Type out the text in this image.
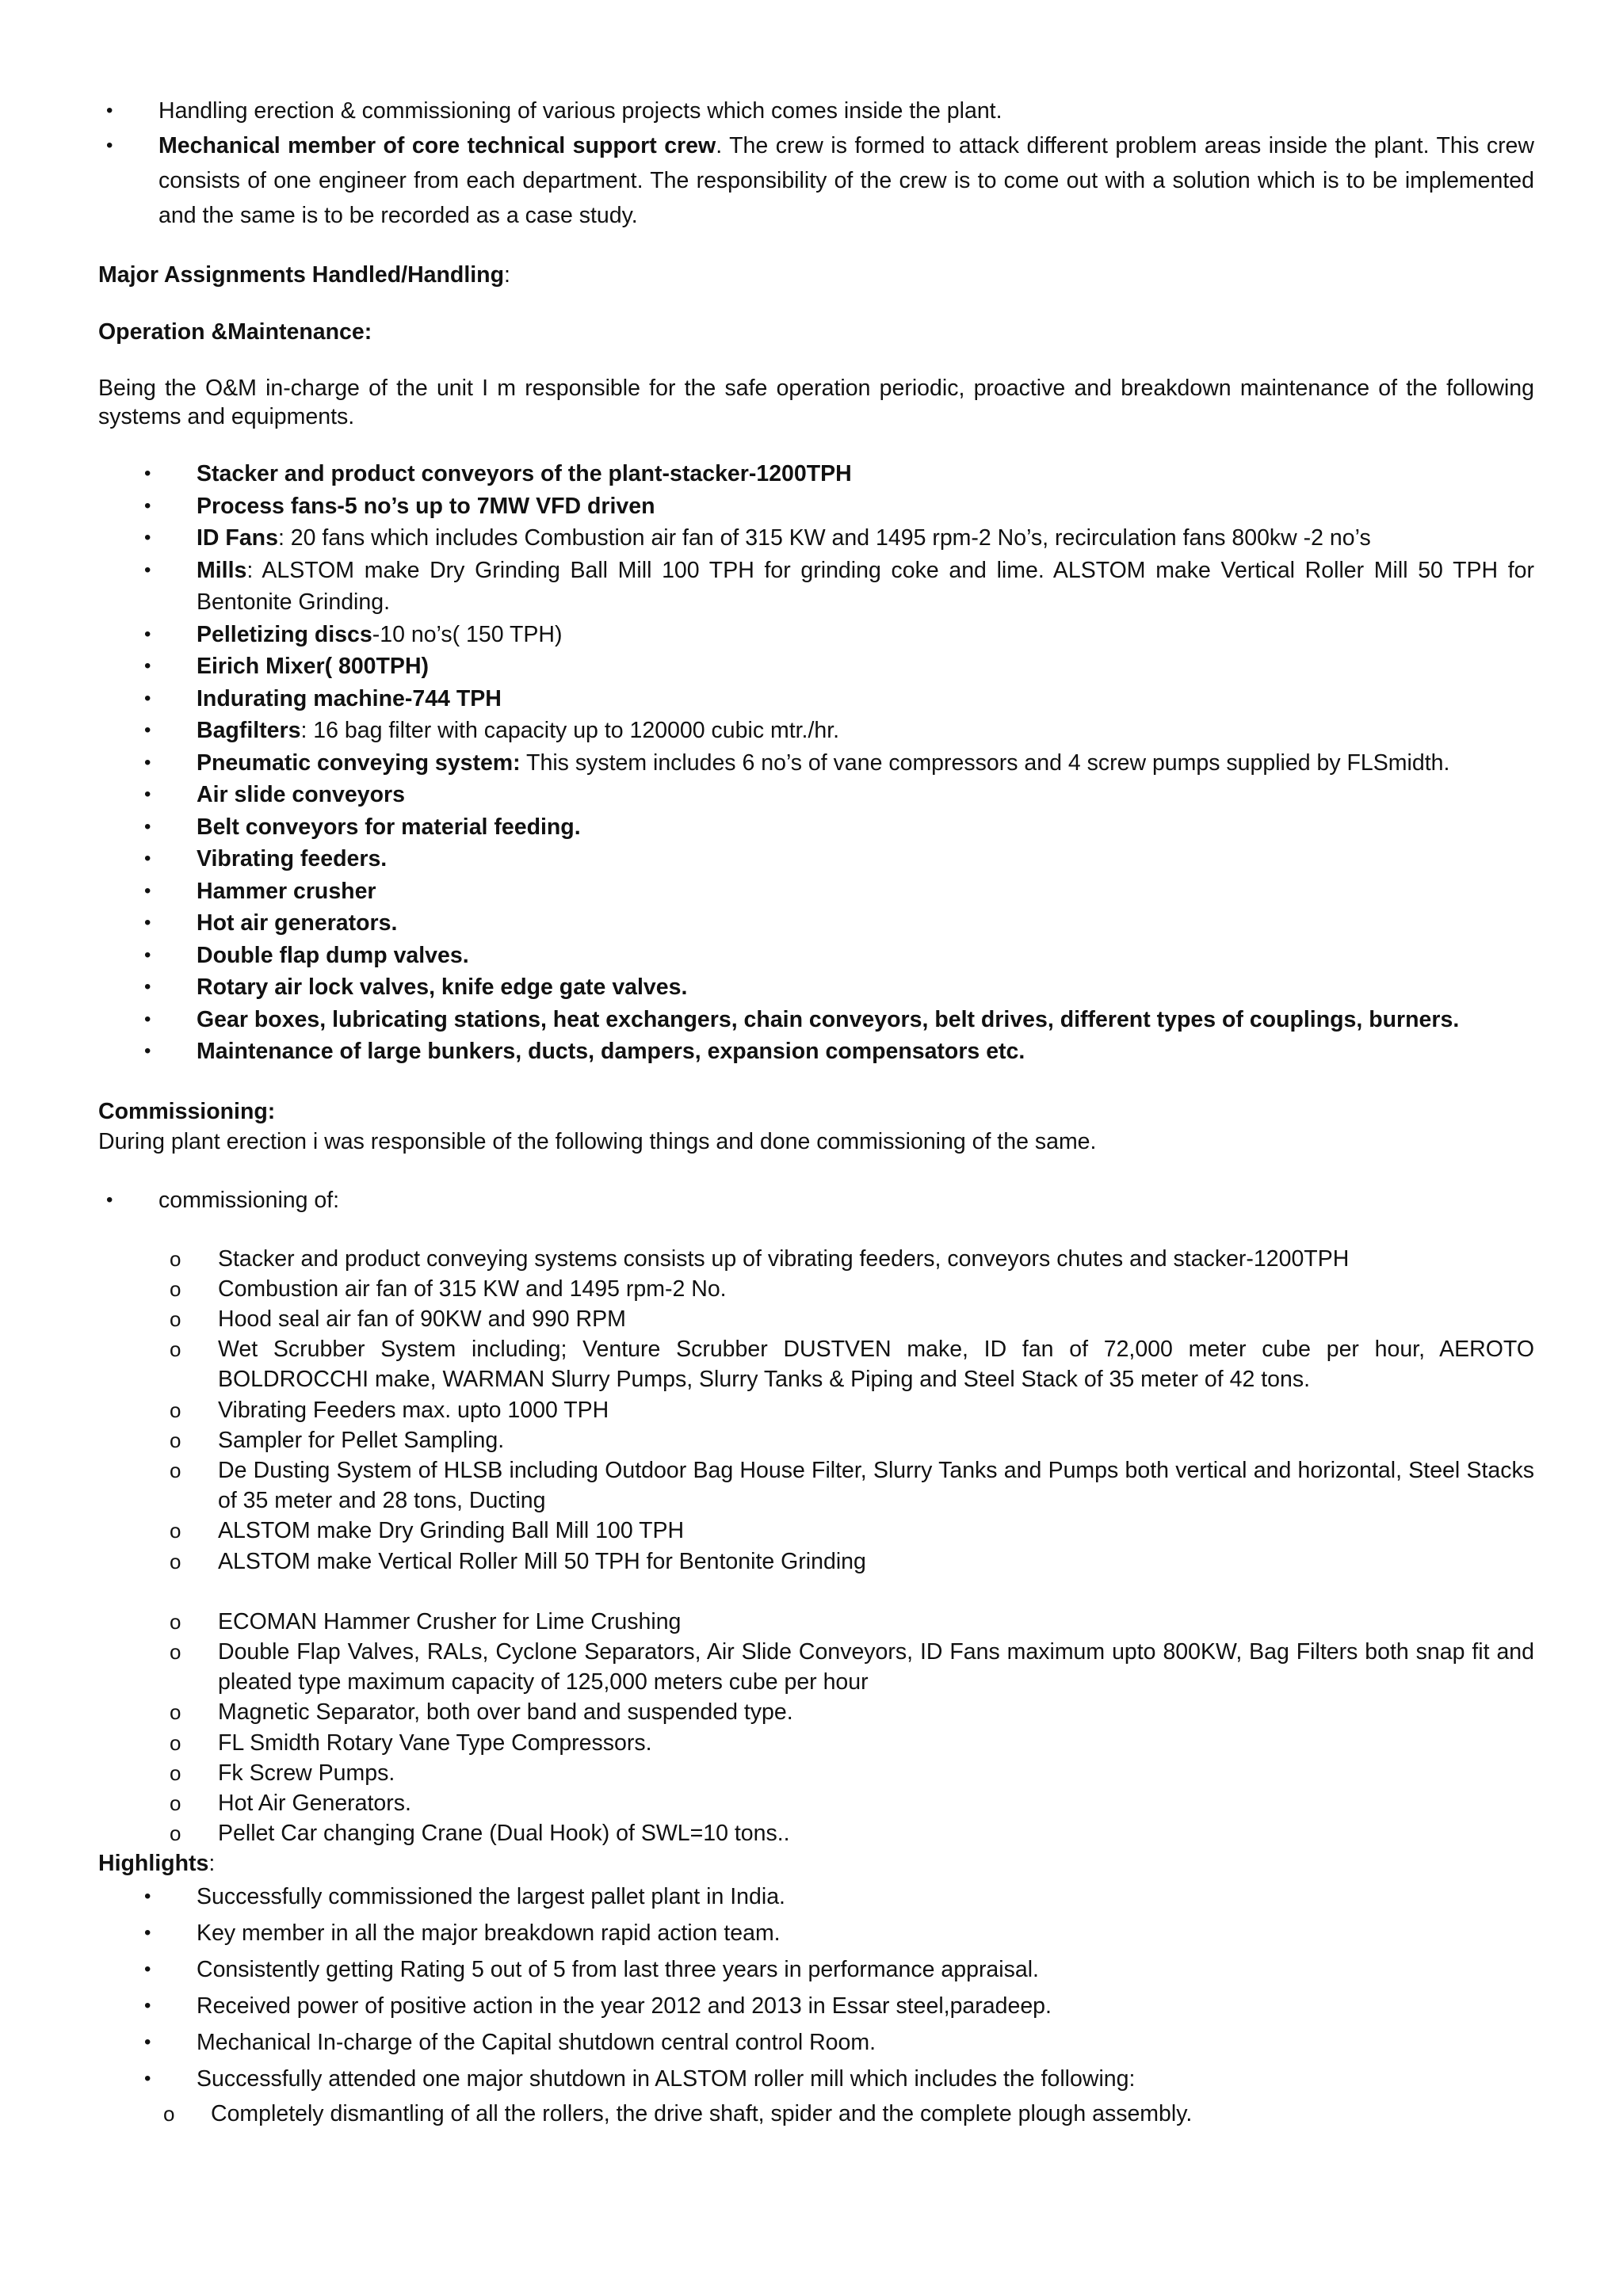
• Handling erection & commissioning of various projects which comes inside the plant.
• Mechanical member of core technical support crew. The crew is formed to attack different problem areas inside the plant. This crew consists of one engineer from each department. The responsibility of the crew is to come out with a solution which is to be implemented and the same is to be recorded as a case study.
Major Assignments Handled/Handling:
Operation &Maintenance:
Being the O&M in-charge of the unit I m responsible for the safe operation periodic, proactive and breakdown maintenance of the following systems and equipments.
• Stacker and product conveyors of the plant-stacker-1200TPH
• Process fans-5 no’s up to 7MW VFD driven
• ID Fans: 20 fans which includes Combustion air fan of 315 KW and 1495 rpm-2 No’s, recirculation fans 800kw -2 no’s
• Mills: ALSTOM make Dry Grinding Ball Mill 100 TPH for grinding coke and lime. ALSTOM make Vertical Roller Mill 50 TPH for Bentonite Grinding.
• Pelletizing discs-10 no’s( 150 TPH)
• Eirich Mixer( 800TPH)
• Indurating machine-744 TPH
• Bagfilters: 16 bag filter with capacity up to 120000 cubic mtr./hr.
• Pneumatic conveying system: This system includes 6 no’s of vane compressors and 4 screw pumps supplied by FLSmidth.
• Air slide conveyors
• Belt conveyors for material feeding.
• Vibrating feeders.
• Hammer crusher
• Hot air generators.
• Double flap dump valves.
• Rotary air lock valves, knife edge gate valves.
• Gear boxes, lubricating stations, heat exchangers, chain conveyors, belt drives, different types of couplings, burners.
• Maintenance of large bunkers, ducts, dampers, expansion compensators etc.
Commissioning:
During plant erection i was responsible of the following things and done commissioning of the same.
• commissioning of:
o Stacker and product conveying systems consists up of vibrating feeders, conveyors chutes and stacker-1200TPH
o Combustion air fan of 315 KW and 1495 rpm-2 No.
o Hood seal air fan of 90KW and 990 RPM
o Wet Scrubber System including; Venture Scrubber DUSTVEN make, ID fan of 72,000 meter cube per hour, AEROTO BOLDROCCHI make, WARMAN Slurry Pumps, Slurry Tanks & Piping and Steel Stack of 35 meter of 42 tons.
o Vibrating Feeders max. upto 1000 TPH
o Sampler for Pellet Sampling.
o De Dusting System of HLSB including Outdoor Bag House Filter, Slurry Tanks and Pumps both vertical and horizontal, Steel Stacks of 35 meter and 28 tons, Ducting
o ALSTOM make Dry Grinding Ball Mill 100 TPH
o ALSTOM make Vertical Roller Mill 50 TPH for Bentonite Grinding
o ECOMAN Hammer Crusher for Lime Crushing
o Double Flap Valves, RALs, Cyclone Separators, Air Slide Conveyors, ID Fans maximum upto 800KW, Bag Filters both snap fit and pleated type maximum capacity of 125,000 meters cube per hour
o Magnetic Separator, both over band and suspended type.
o FL Smidth Rotary Vane Type Compressors.
o Fk Screw Pumps.
o Hot Air Generators.
o Pellet Car changing Crane (Dual Hook) of SWL=10 tons..
Highlights:
• Successfully commissioned the largest pallet plant in India.
• Key member in all the major breakdown rapid action team.
• Consistently getting Rating 5 out of 5 from last three years in performance appraisal.
• Received power of positive action in the year 2012 and 2013 in Essar steel,paradeep.
• Mechanical In-charge of the Capital shutdown central control Room.
• Successfully attended one major shutdown in ALSTOM roller mill which includes the following:
o Completely dismantling of all the rollers, the drive shaft, spider and the complete plough assembly.
